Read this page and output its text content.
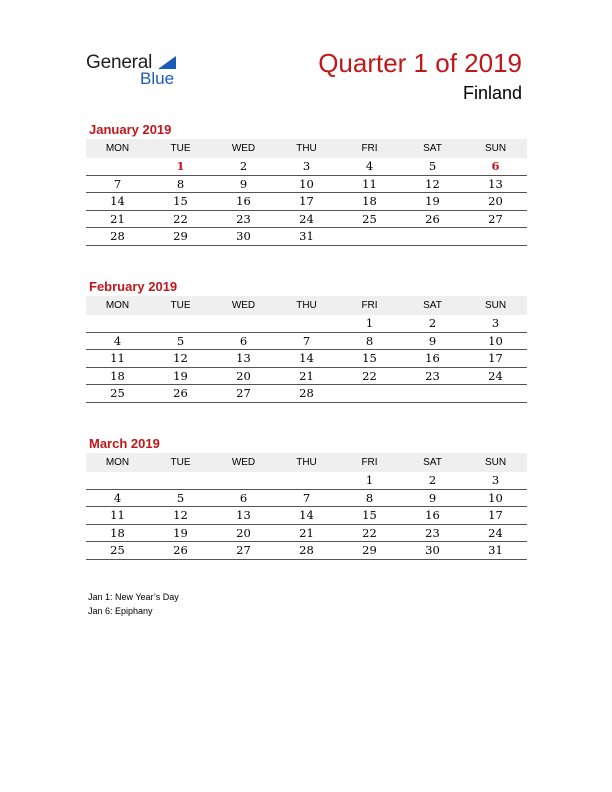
General
Blue
Quarter 1 of 2019
Finland
January 2019
MON	TUE	WED	THU	FRI	SAT	SUN
	1	2	3	4	5	6
7	8	9	10	11	12	13
14	15	16	17	18	19	20
21	22	23	24	25	26	27
28	29	30	31			
February 2019
MON	TUE	WED	THU	FRI	SAT	SUN
				1	2	3
4	5	6	7	8	9	10
11	12	13	14	15	16	17
18	19	20	21	22	23	24
25	26	27	28			
March 2019
MON	TUE	WED	THU	FRI	SAT	SUN
				1	2	3
4	5	6	7	8	9	10
11	12	13	14	15	16	17
18	19	20	21	22	23	24
25	26	27	28	29	30	31
Jan 1: New Year’s Day
Jan 6: Epiphany
